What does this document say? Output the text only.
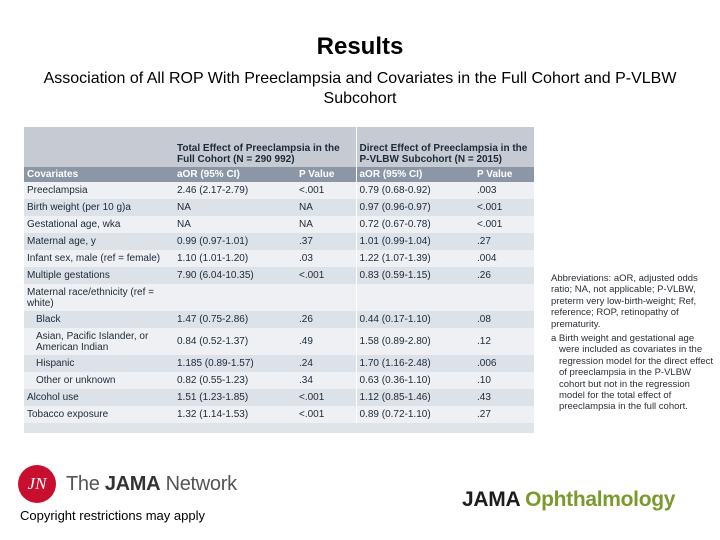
Results
Association of All ROP With Preeclampsia and Covariates in the Full Cohort and P-VLBW Subcohort
	Total Effect of Preeclampsia in the Full Cohort (N = 290 992)		Direct Effect of Preeclampsia in the P-VLBW Subcohort (N = 2015)	
Covariates	aOR (95% CI)	P Value	aOR (95% CI)	P Value
Preeclampsia	2.46 (2.17-2.79)	<.001	0.79 (0.68-0.92)	.003
Birth weight (per 10 g)a	NA	NA	0.97 (0.96-0.97)	<.001
Gestational age, wka	NA	NA	0.72 (0.67-0.78)	<.001
Maternal age, y	0.99 (0.97-1.01)	.37	1.01 (0.99-1.04)	.27
Infant sex, male (ref = female)	1.10 (1.01-1.20)	.03	1.22 (1.07-1.39)	.004
Multiple gestations	7.90 (6.04-10.35)	<.001	0.83 (0.59-1.15)	.26
Maternal race/ethnicity (ref = white)				
Black	1.47 (0.75-2.86)	.26	0.44 (0.17-1.10)	.08
Asian, Pacific Islander, or American Indian	0.84 (0.52-1.37)	.49	1.58 (0.89-2.80)	.12
Hispanic	1.185 (0.89-1.57)	.24	1.70 (1.16-2.48)	.006
Other or unknown	0.82 (0.55-1.23)	.34	0.63 (0.36-1.10)	.10
Alcohol use	1.51 (1.23-1.85)	<.001	1.12 (0.85-1.46)	.43
Tobacco exposure	1.32 (1.14-1.53)	<.001	0.89 (0.72-1.10)	.27

Abbreviations: aOR, adjusted odds ratio; NA, not applicable; P-VLBW, preterm very low-birth-weight; Ref, reference; ROP, retinopathy of prematurity.

a Birth weight and gestational age were included as covariates in the regression model for the direct effect of preeclampsia in the P-VLBW cohort but not in the regression model for the total effect of preeclampsia in the full cohort.

JN The JAMA Network
Copyright restrictions may apply
JAMA Ophthalmology
